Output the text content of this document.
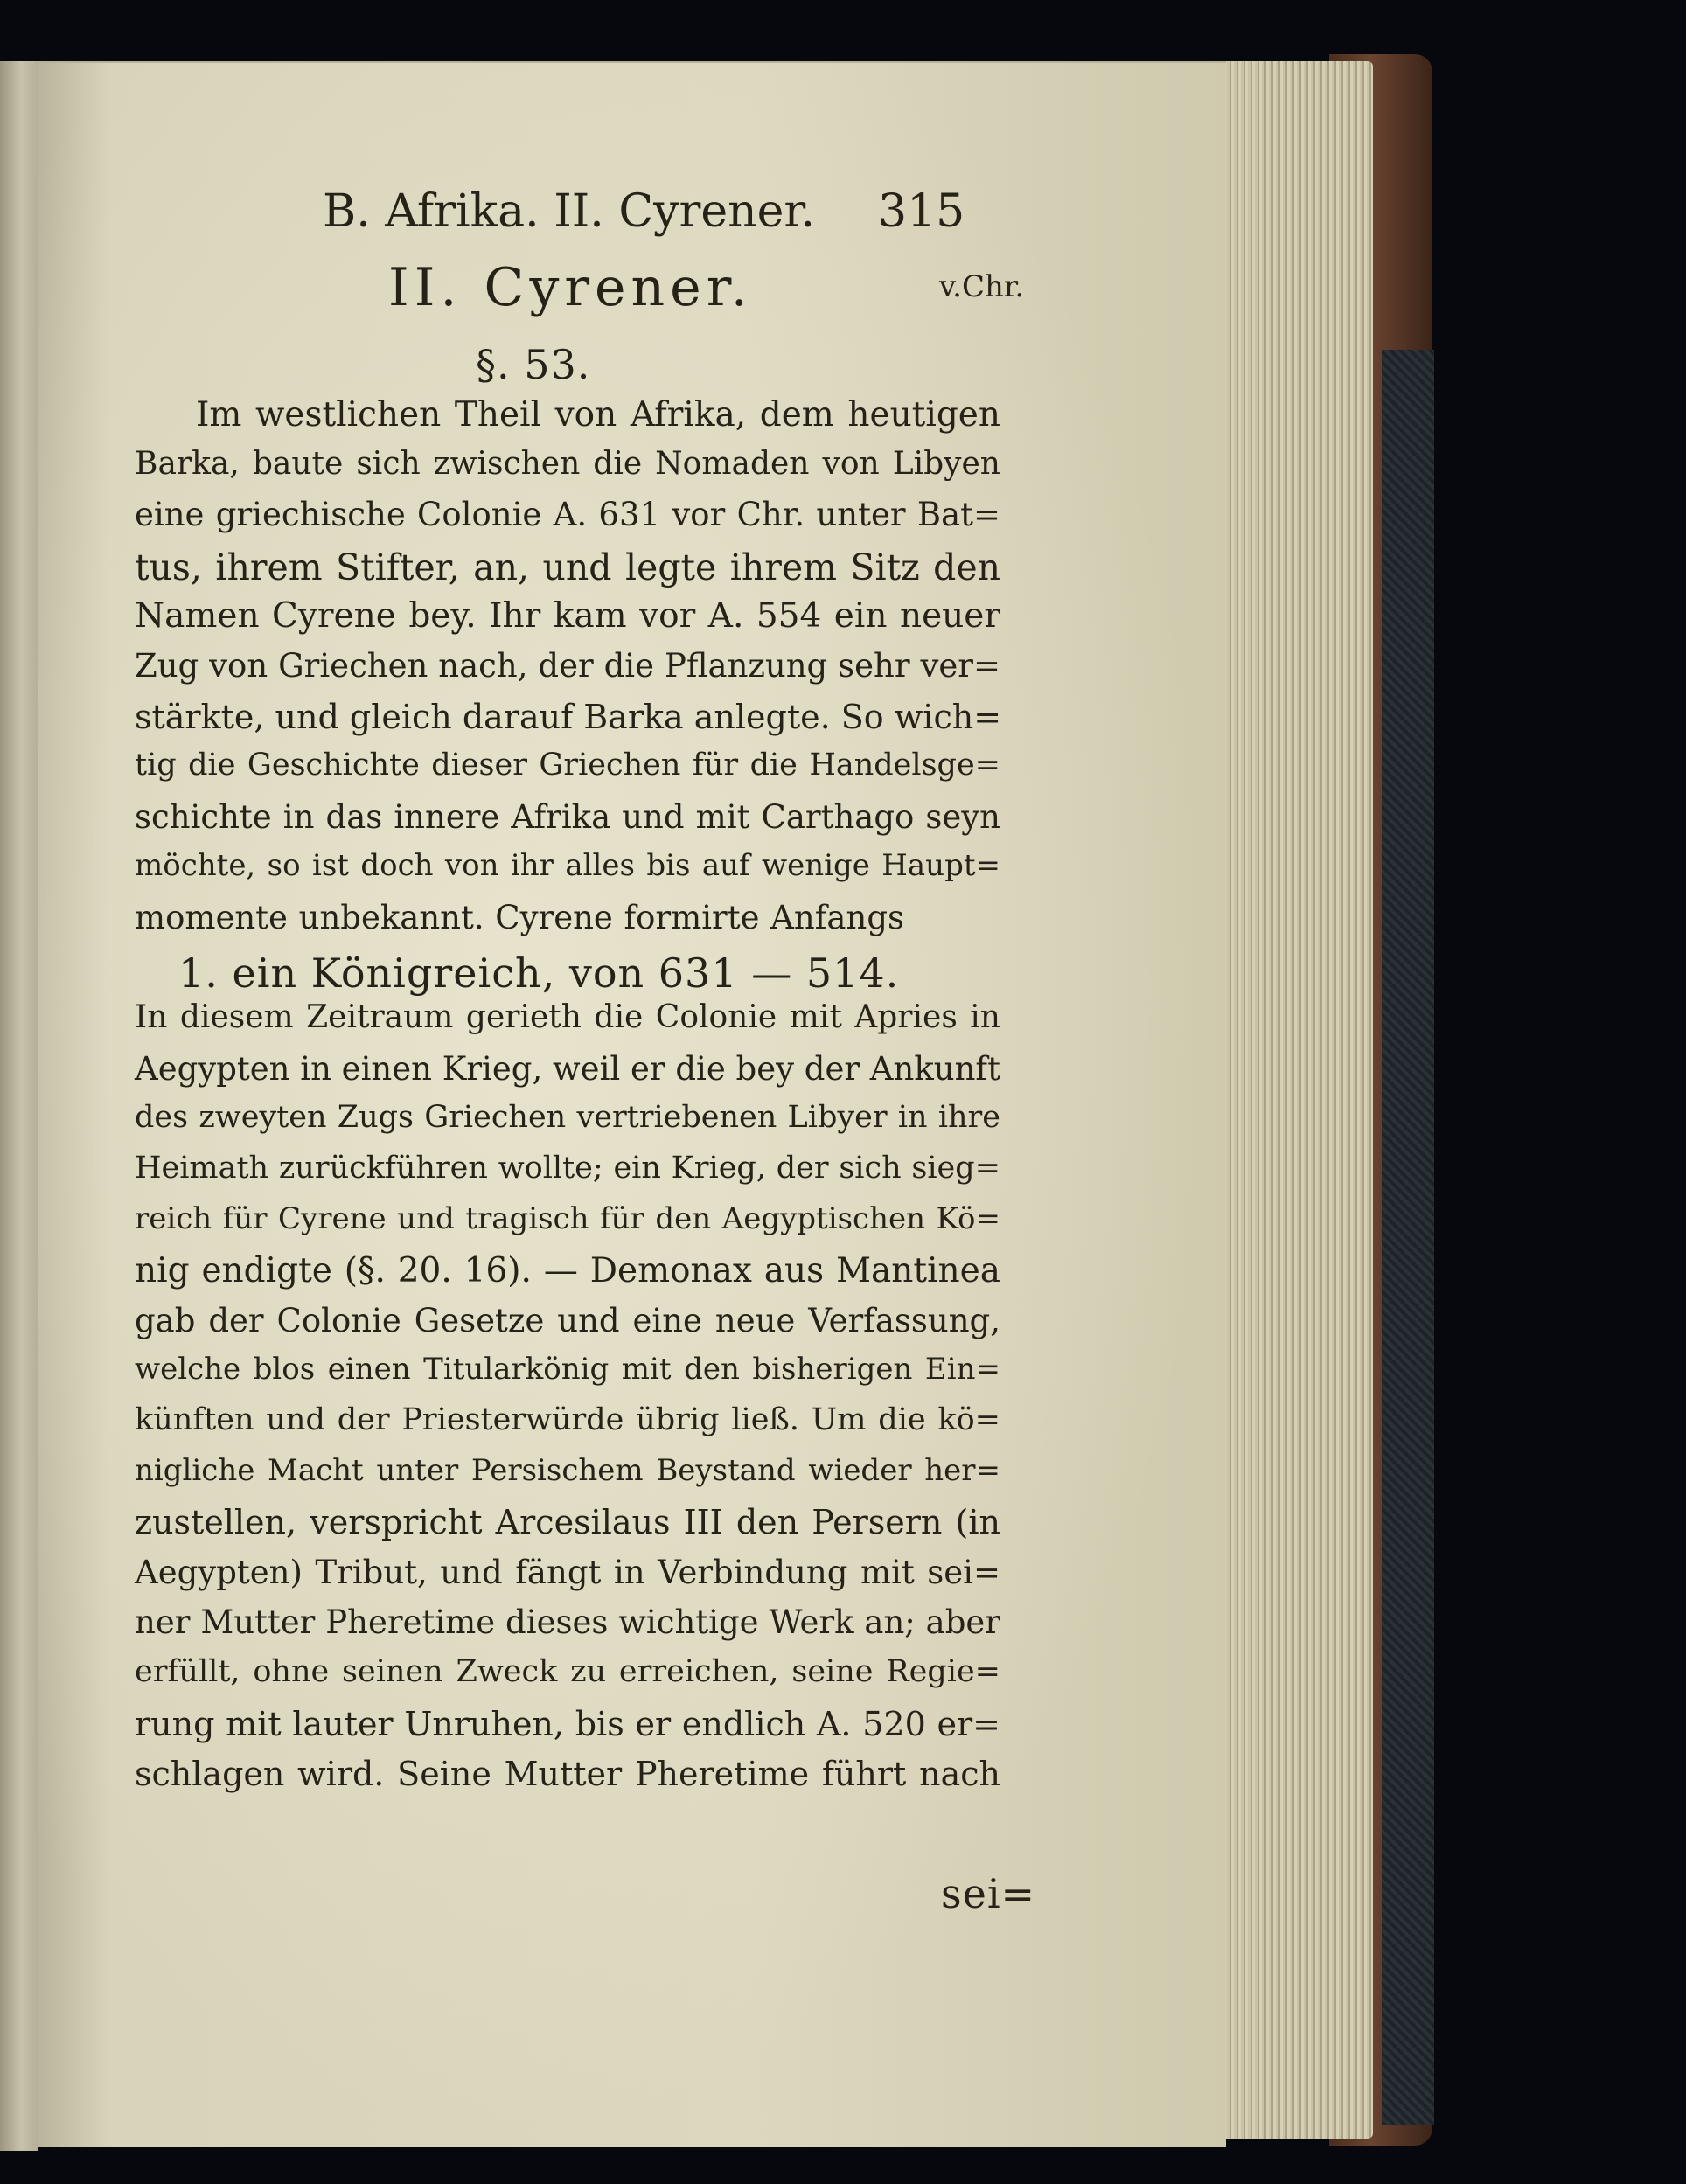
B. Afrika. II. Cyrener. 315

v.Chr.

II. Cyrener.

§. 53.

Im westlichen Theil von Afrika, dem heutigen

Barka, baute sich zwischen die Nomaden von Libyen

eine griechische Colonie A. 631 vor Chr. unter Bat=

tus, ihrem Stifter, an, und legte ihrem Sitz den

Namen Cyrene bey. Ihr kam vor A. 554 ein neuer

Zug von Griechen nach, der die Pflanzung sehr ver=

stärkte, und gleich darauf Barka anlegte. So wich=

tig die Geschichte dieser Griechen für die Handelsge=

schichte in das innere Afrika und mit Carthago seyn

möchte, so ist doch von ihr alles bis auf wenige Haupt=

momente unbekannt. Cyrene formirte Anfangs

1. ein Königreich, von 631 — 514.

In diesem Zeitraum gerieth die Colonie mit Apries in

Aegypten in einen Krieg, weil er die bey der Ankunft

des zweyten Zugs Griechen vertriebenen Libyer in ihre

Heimath zurückführen wollte; ein Krieg, der sich sieg=

reich für Cyrene und tragisch für den Aegyptischen Kö=

nig endigte (§. 20. 16). — Demonax aus Mantinea

gab der Colonie Gesetze und eine neue Verfassung,

welche blos einen Titularkönig mit den bisherigen Ein=

künften und der Priesterwürde übrig ließ. Um die kö=

nigliche Macht unter Persischem Beystand wieder her=

zustellen, verspricht Arcesilaus III den Persern (in

Aegypten) Tribut, und fängt in Verbindung mit sei=

ner Mutter Pheretime dieses wichtige Werk an; aber

erfüllt, ohne seinen Zweck zu erreichen, seine Regie=

rung mit lauter Unruhen, bis er endlich A. 520 er=

schlagen wird. Seine Mutter Pheretime führt nach

sei=
